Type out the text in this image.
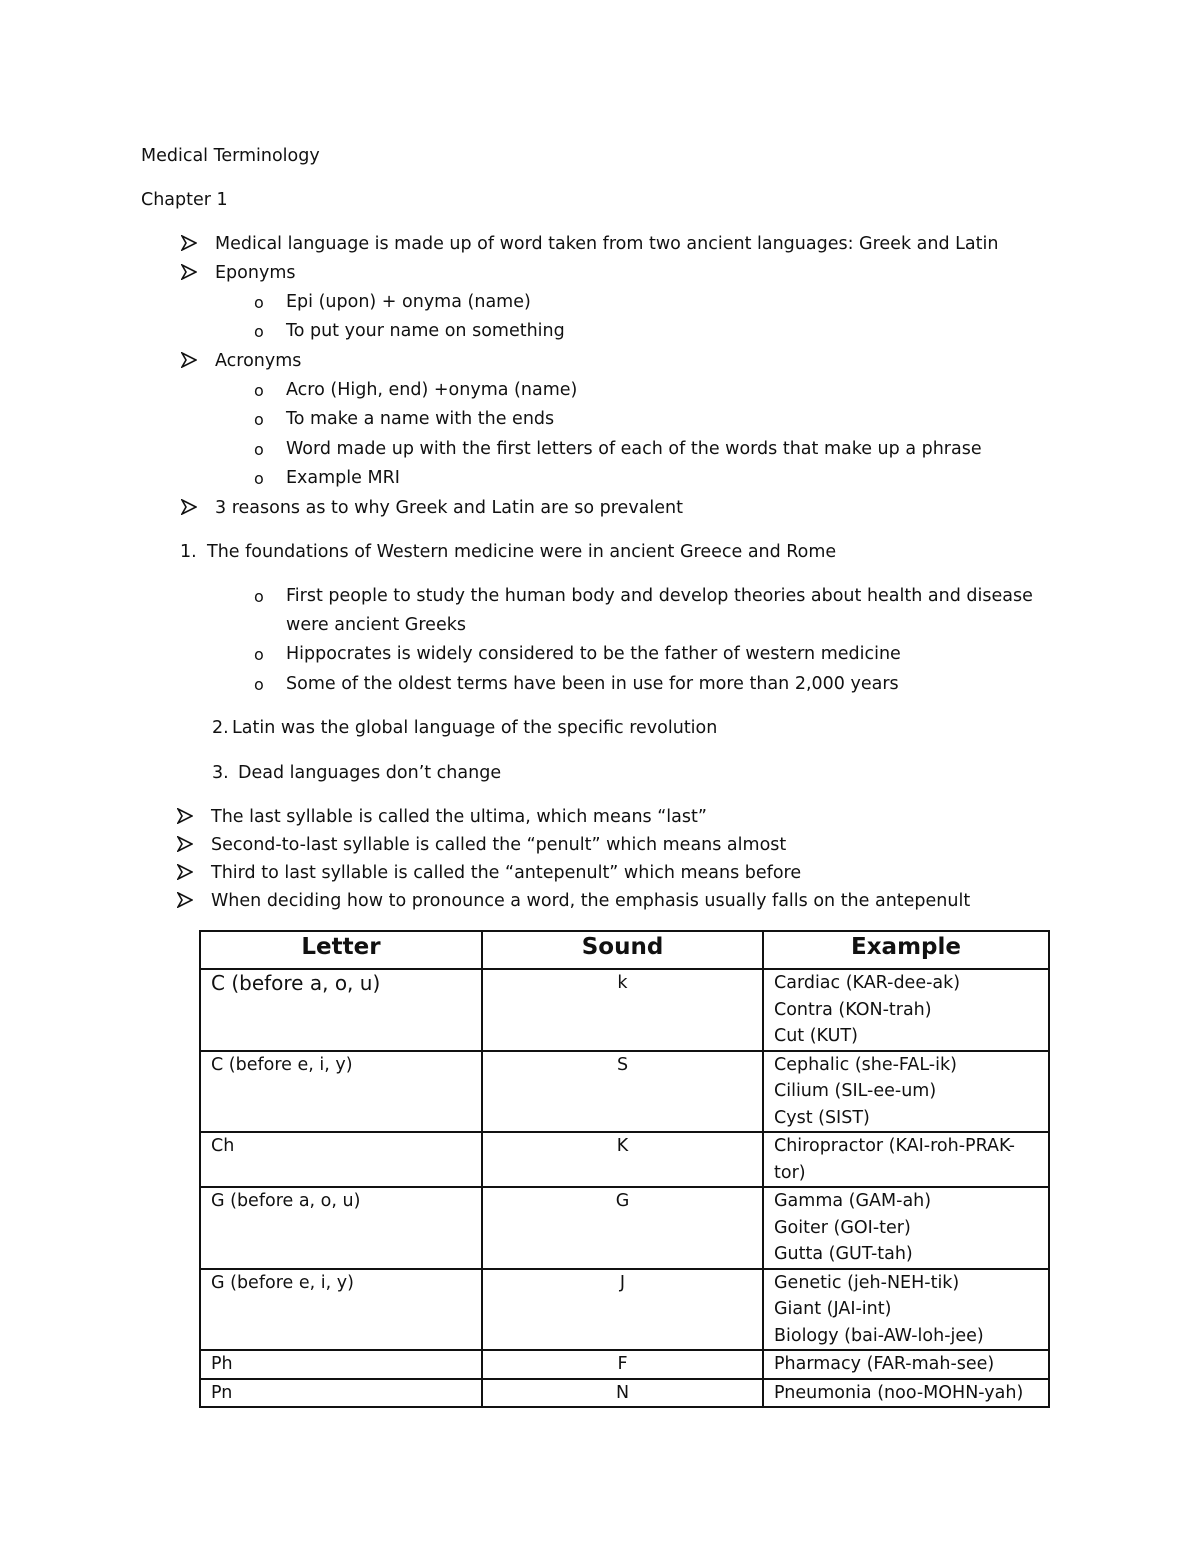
Medical Terminology
Chapter 1
Medical language is made up of word taken from two ancient languages: Greek and Latin
Eponyms
o Epi (upon) + onyma (name)
o To put your name on something
Acronyms
o Acro (High, end) +onyma (name)
o To make a name with the ends
o Word made up with the first letters of each of the words that make up a phrase
o Example MRI
3 reasons as to why Greek and Latin are so prevalent
1. The foundations of Western medicine were in ancient Greece and Rome
o First people to study the human body and develop theories about health and disease
were ancient Greeks
o Hippocrates is widely considered to be the father of western medicine
o Some of the oldest terms have been in use for more than 2,000 years
2. Latin was the global language of the specific revolution
3. Dead languages don’t change
The last syllable is called the ultima, which means “last”
Second-to-last syllable is called the “penult” which means almost
Third to last syllable is called the “antepenult” which means before
When deciding how to pronounce a word, the emphasis usually falls on the antepenult
Letter	Sound	Example
C (before a, o, u)	k	Cardiac (KAR-dee-ak)
Contra (KON-trah)
Cut (KUT)

C (before e, i, y)	S	Cephalic (she-FAL-ik)
Cilium (SIL-ee-um)
Cyst (SIST)

Ch	K	Chiropractor (KAI-roh-PRAK-
tor)

G (before a, o, u)	G	Gamma (GAM-ah)
Goiter (GOI-ter)
Gutta (GUT-tah)

G (before e, i, y)	J	Genetic (jeh-NEH-tik)
Giant (JAI-int)
Biology (bai-AW-loh-jee)

Ph	F	Pharmacy (FAR-mah-see)

Pn	N	Pneumonia (noo-MOHN-yah)
